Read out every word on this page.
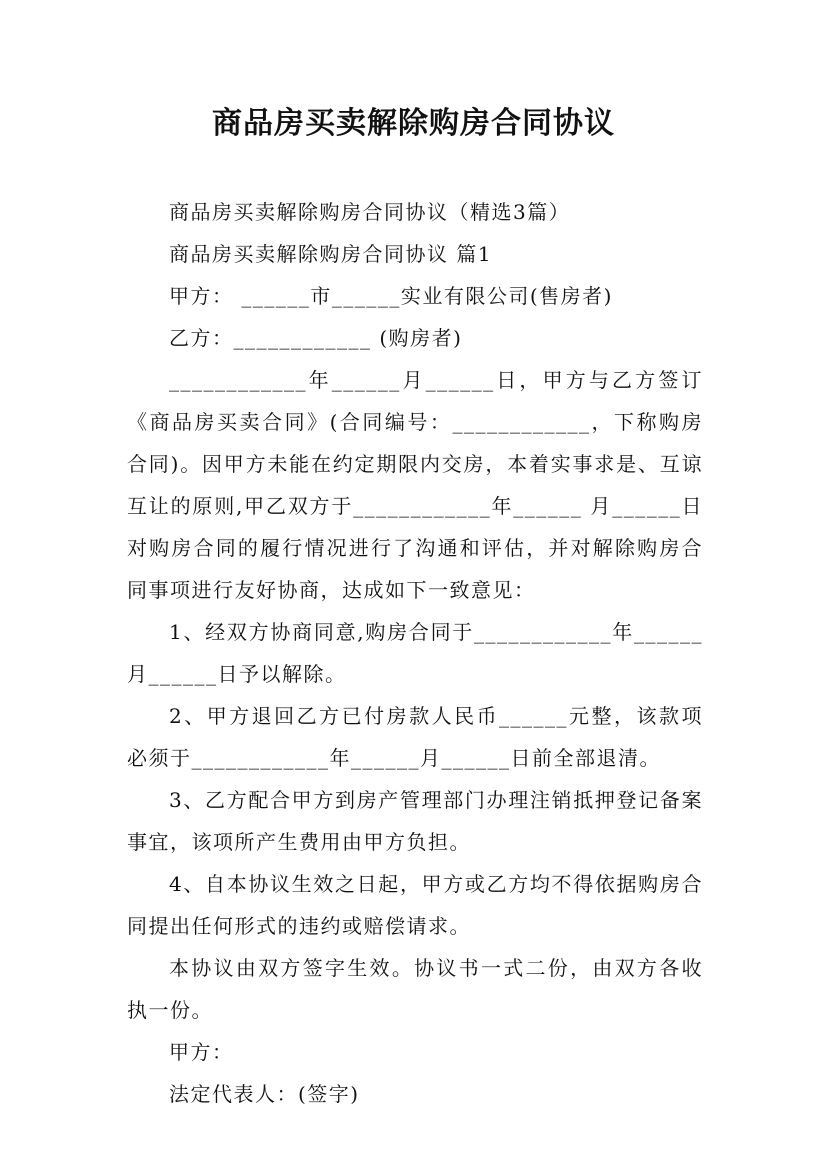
商品房买卖解除购房合同协议

商品房买卖解除购房合同协议（精选3篇）

商品房买卖解除购房合同协议 篇1

甲方： ______市______实业有限公司(售房者)

乙方：____________ (购房者)

____________年______月______日，甲方与乙方签订《商品房买卖合同》(合同编号：____________，下称购房合同)。因甲方未能在约定期限内交房，本着实事求是、互谅互让的原则,甲乙双方于____________年______ 月______日对购房合同的履行情况进行了沟通和评估，并对解除购房合同事项进行友好协商，达成如下一致意见：

1、经双方协商同意,购房合同于____________年______月______日予以解除。

2、甲方退回乙方已付房款人民币______元整，该款项必须于____________年______月______日前全部退清。

3、乙方配合甲方到房产管理部门办理注销抵押登记备案事宜，该项所产生费用由甲方负担。

4、自本协议生效之日起，甲方或乙方均不得依据购房合同提出任何形式的违约或赔偿请求。

本协议由双方签字生效。协议书一式二份，由双方各收执一份。

甲方：

法定代表人：(签字)
